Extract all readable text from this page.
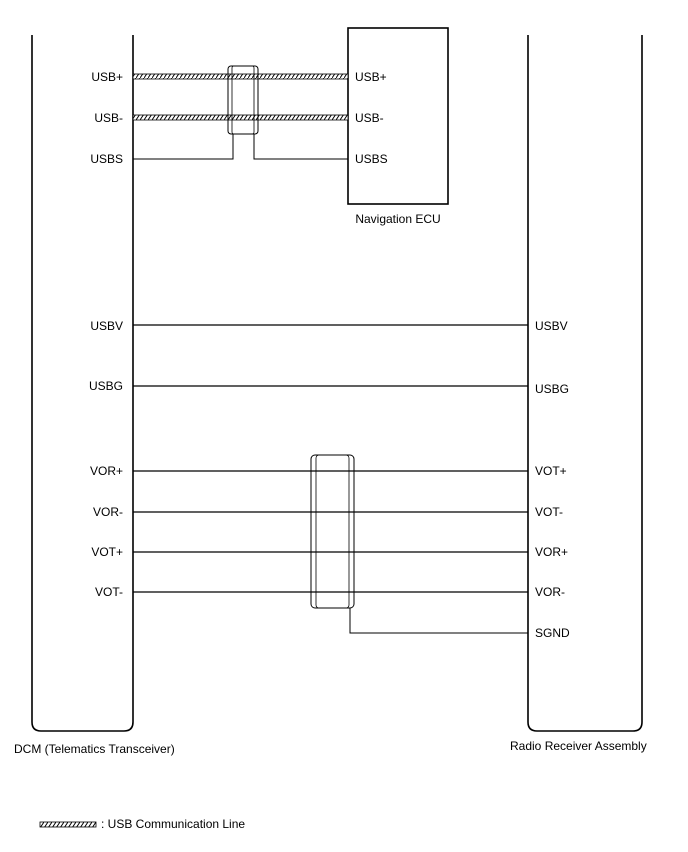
USB+
USB-
USBS
USBV
USBG
VOR+
VOR-
VOT+
VOT-
USB+
USB-
USBS
USBV
USBG
VOT+
VOT-
VOR+
VOR-
SGND
Navigation ECU
DCM (Telematics Transceiver)	Radio Receiver Assembly
: USB Communication Line
